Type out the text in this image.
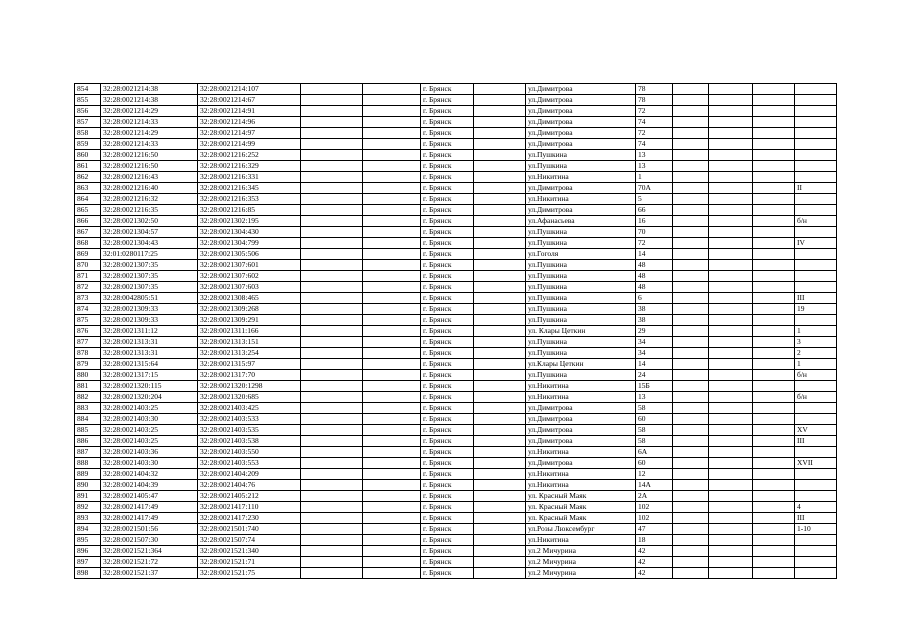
854	32:28:0021214:38	32:28:0021214:107			г. Брянск		ул.Димитрова	78				
855	32:28:0021214:38	32:28:0021214:67			г. Брянск		ул.Димитрова	78				
856	32:28:0021214:29	32:28:0021214:91			г. Брянск		ул.Димитрова	72				
857	32:28:0021214:33	32:28:0021214:96			г. Брянск		ул.Димитрова	74				
858	32:28:0021214:29	32:28:0021214:97			г. Брянск		ул.Димитрова	72				
859	32:28:0021214:33	32:28:0021214:99			г. Брянск		ул.Димитрова	74				
860	32:28:0021216:50	32:28:0021216:252			г. Брянск		ул.Пушкина	13				
861	32:28:0021216:50	32:28:0021216:329			г. Брянск		ул.Пушкина	13				
862	32:28:0021216:43	32:28:0021216:331			г. Брянск		ул.Никитина	1				
863	32:28:0021216:40	32:28:0021216:345			г. Брянск		ул.Димитрова	70А				II
864	32:28:0021216:32	32:28:0021216:353			г. Брянск		ул.Никитина	5				
865	32:28:0021216:35	32:28:0021216:85			г. Брянск		ул.Димитрова	66				
866	32:28:0021302:50	32:28:0021302:195			г. Брянск		ул.Афанасьева	16				б/н
867	32:28:0021304:57	32:28:0021304:430			г. Брянск		ул.Пушкина	70				
868	32:28:0021304:43	32:28:0021304:799			г. Брянск		ул.Пушкина	72				IV
869	32:01:0280117:25	32:28:0021305:506			г. Брянск		ул.Гоголя	14				
870	32:28:0021307:35	32:28:0021307:601			г. Брянск		ул.Пушкина	48				
871	32:28:0021307:35	32:28:0021307:602			г. Брянск		ул.Пушкина	48				
872	32:28:0021307:35	32:28:0021307:603			г. Брянск		ул.Пушкина	48				
873	32:28:0042805:51	32:28:0021308:465			г. Брянск		ул.Пушкина	6				III
874	32:28:0021309:33	32:28:0021309:268			г. Брянск		ул.Пушкина	38				19
875	32:28:0021309:33	32:28:0021309:291			г. Брянск		ул.Пушкина	38				
876	32:28:0021311:12	32:28:0021311:166			г. Брянск		ул. Клары Цеткин	29				1
877	32:28:0021313:31	32:28:0021313:151			г. Брянск		ул.Пушкина	34				3
878	32:28:0021313:31	32:28:0021313:254			г. Брянск		ул.Пушкина	34				2
879	32:28:0021315:64	32:28:0021315:97			г. Брянск		ул.Клары Цеткин	14				1
880	32:28:0021317:15	32:28:0021317:70			г. Брянск		ул.Пушкина	24				б/н
881	32:28:0021320:115	32:28:0021320:1298			г. Брянск		ул.Никитина	15Б				
882	32:28:0021320:204	32:28:0021320:685			г. Брянск		ул.Никитина	13				б/н
883	32:28:0021403:25	32:28:0021403:425			г. Брянск		ул.Димитрова	58				
884	32:28:0021403:30	32:28:0021403:533			г. Брянск		ул.Димитрова	60				
885	32:28:0021403:25	32:28:0021403:535			г. Брянск		ул.Димитрова	58				XV
886	32:28:0021403:25	32:28:0021403:538			г. Брянск		ул.Димитрова	58				III
887	32:28:0021403:36	32:28:0021403:550			г. Брянск		ул.Никитина	6А				
888	32:28:0021403:30	32:28:0021403:553			г. Брянск		ул.Димитрова	60				XVII
889	32:28:0021404:32	32:28:0021404:209			г. Брянск		ул.Никитина	12				
890	32:28:0021404:39	32:28:0021404:76			г. Брянск		ул.Никитина	14А				
891	32:28:0021405:47	32:28:0021405:212			г. Брянск		ул. Красный Маяк	2А				
892	32:28:0021417:49	32:28:0021417:110			г. Брянск		ул. Красный Маяк	102				4
893	32:28:0021417:49	32:28:0021417:230			г. Брянск		ул. Красный Маяк	102				III
894	32:28:0021501:56	32:28:0021501:740			г. Брянск		ул.Розы Люксембург	47				1-10
895	32:28:0021507:30	32:28:0021507:74			г. Брянск		ул.Никитина	18				
896	32:28:0021521:364	32:28:0021521:340			г. Брянск		ул.2 Мичурина	42				
897	32:28:0021521:72	32:28:0021521:71			г. Брянск		ул.2 Мичурина	42				
898	32:28:0021521:37	32:28:0021521:75			г. Брянск		ул.2 Мичурина	42				
